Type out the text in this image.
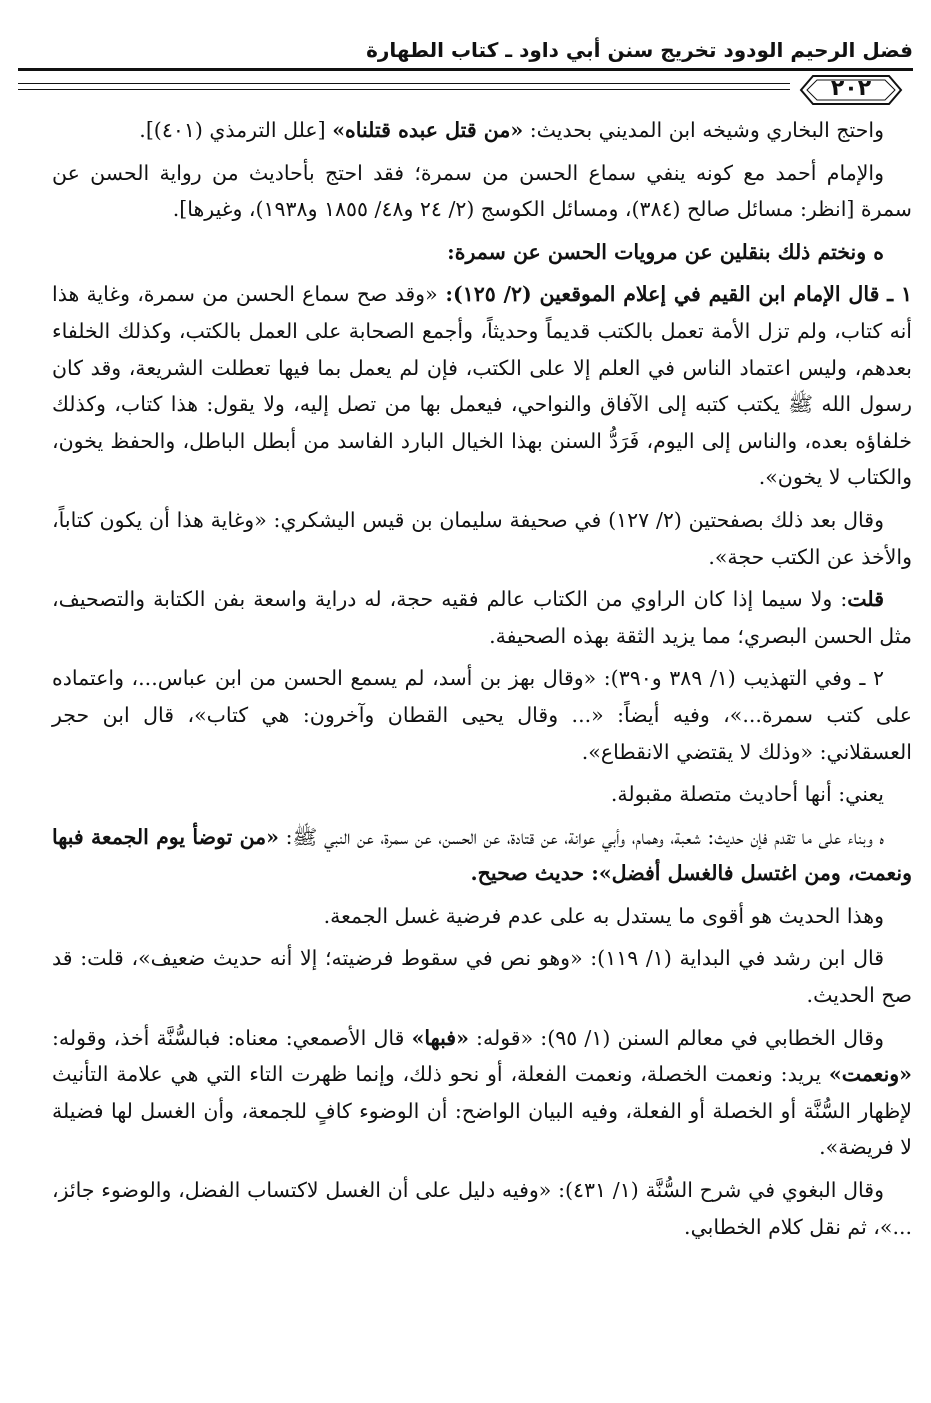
فضل الرحيم الودود تخريج سنن أبي داود ـ كتاب الطهارة
٢٠٢

واحتج البخاري وشيخه ابن المديني بحديث: «من قتل عبده قتلناه» [علل الترمذي (٤٠١)].

والإمام أحمد مع كونه ينفي سماع الحسن من سمرة؛ فقد احتج بأحاديث من رواية الحسن عن سمرة [انظر: مسائل صالح (٣٨٤)، ومسائل الكوسج (٢/ ٢٤ و٤٨/ ١٨٥٥ و١٩٣٨)، وغيرها].

ه ونختم ذلك بنقلين عن مرويات الحسن عن سمرة:

١ ـ قال الإمام ابن القيم في إعلام الموقعين (٢/ ١٢٥): «وقد صح سماع الحسن من سمرة، وغاية هذا أنه كتاب، ولم تزل الأمة تعمل بالكتب قديماً وحديثاً، وأجمع الصحابة على العمل بالكتب، وكذلك الخلفاء بعدهم، وليس اعتماد الناس في العلم إلا على الكتب، فإن لم يعمل بما فيها تعطلت الشريعة، وقد كان رسول الله ﷺ يكتب كتبه إلى الآفاق والنواحي، فيعمل بها من تصل إليه، ولا يقول: هذا كتاب، وكذلك خلفاؤه بعده، والناس إلى اليوم، فَرَدُّ السنن بهذا الخيال البارد الفاسد من أبطل الباطل، والحفظ يخون، والكتاب لا يخون».

وقال بعد ذلك بصفحتين (٢/ ١٢٧) في صحيفة سليمان بن قيس اليشكري: «وغاية هذا أن يكون كتاباً، والأخذ عن الكتب حجة».

قلت: ولا سيما إذا كان الراوي من الكتاب عالم فقيه حجة، له دراية واسعة بفن الكتابة والتصحيف، مثل الحسن البصري؛ مما يزيد الثقة بهذه الصحيفة.

٢ ـ وفي التهذيب (١/ ٣٨٩ و٣٩٠): «وقال بهز بن أسد، لم يسمع الحسن من ابن عباس...، واعتماده على كتب سمرة...»، وفيه أيضاً: «... وقال يحيى القطان وآخرون: هي كتاب»، قال ابن حجر العسقلاني: «وذلك لا يقتضي الانقطاع».

يعني: أنها أحاديث متصلة مقبولة.

ه وبناء على ما تقدم فإن حديث: شعبة، وهمام، وأبي عوانة، عن قتادة، عن الحسن، عن سمرة، عن النبي ﷺ: «من توضأ يوم الجمعة فبها ونعمت، ومن اغتسل فالغسل أفضل»: حديث صحيح.

وهذا الحديث هو أقوى ما يستدل به على عدم فرضية غسل الجمعة.

قال ابن رشد في البداية (١/ ١١٩): «وهو نص في سقوط فرضيته؛ إلا أنه حديث ضعيف»، قلت: قد صح الحديث.

وقال الخطابي في معالم السنن (١/ ٩٥): «قوله: «فبها» قال الأصمعي: معناه: فبالسُّنَّة أخذ، وقوله: «ونعمت» يريد: ونعمت الخصلة، ونعمت الفعلة، أو نحو ذلك، وإنما ظهرت التاء التي هي علامة التأنيث لإظهار السُّنَّة أو الخصلة أو الفعلة، وفيه البيان الواضح: أن الوضوء كافٍ للجمعة، وأن الغسل لها فضيلة لا فريضة».

وقال البغوي في شرح السُّنَّة (١/ ٤٣١): «وفيه دليل على أن الغسل لاكتساب الفضل، والوضوء جائز، ...»، ثم نقل كلام الخطابي.
